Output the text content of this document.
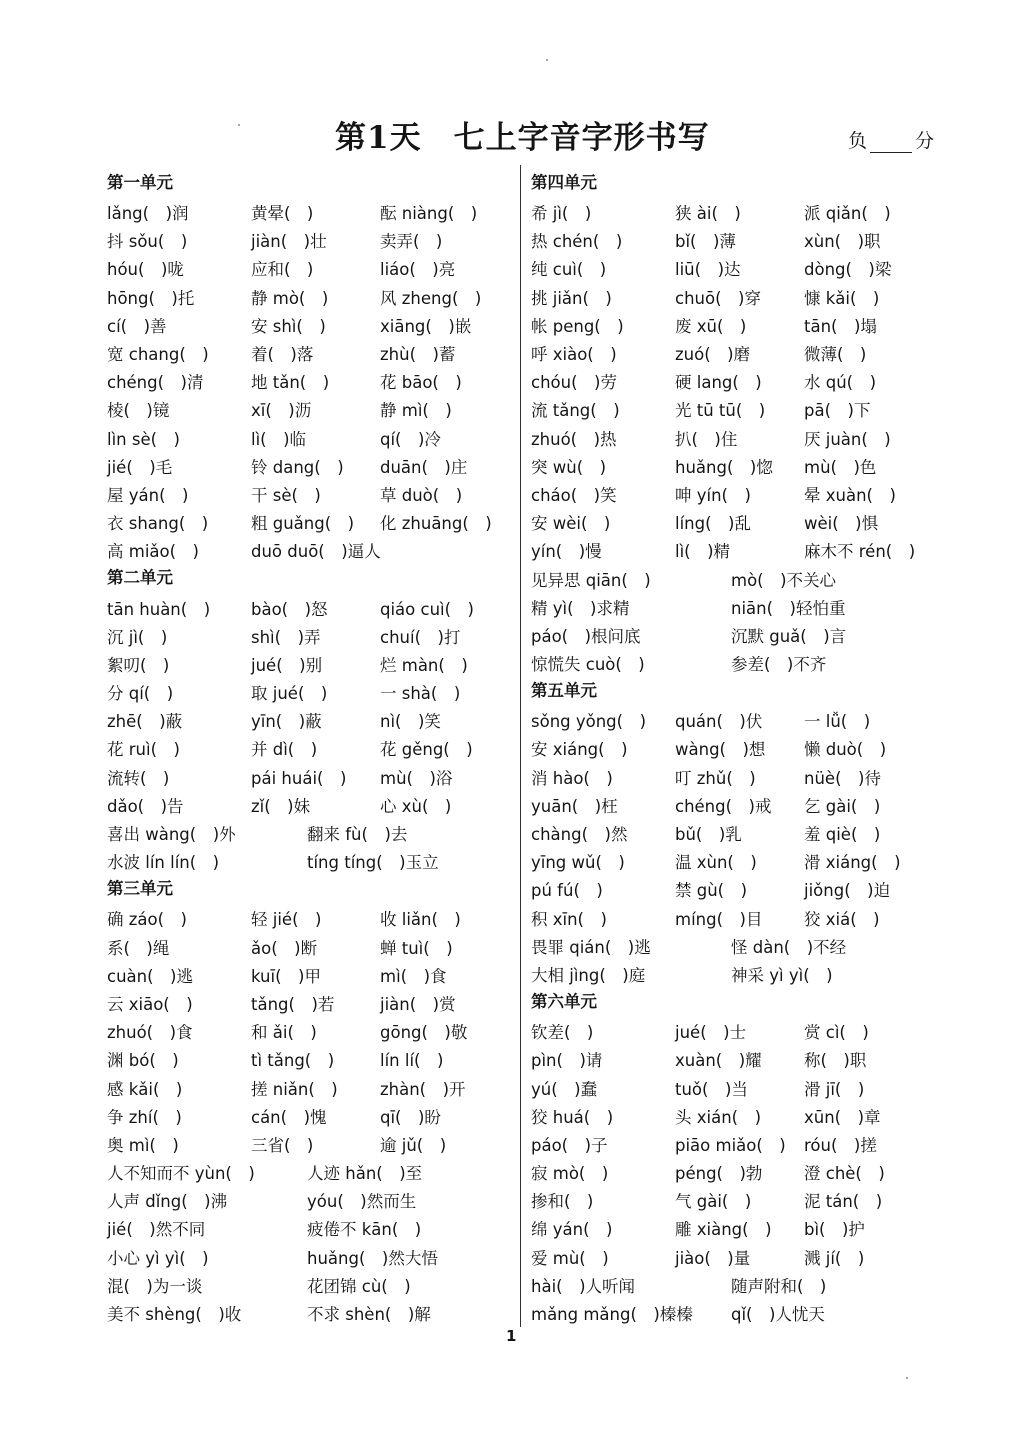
第1天　七上字音字形书写	负	分
第一单元
lǎng(　)润	黄晕(　)	酝 niàng(　)
抖 sǒu(　)	jiàn(　)壮	卖弄(　)
hóu(　)咙	应和(　)	liáo(　)亮
hōng(　)托	静 mò(　)	风 zheng(　)
cí(　)善	安 shì(　)	xiāng(　)嵌
宽 chang(　)	着(　)落	zhù(　)蓄
chéng(　)清	地 tǎn(　)	花 bāo(　)
棱(　)镜	xī(　)沥	静 mì(　)
lìn sè(　)	lì(　)临	qí(　)冷
jié(　)毛	铃 dang(　)	duān(　)庄
屋 yán(　)	干 sè(　)	草 duò(　)
衣 shang(　)	粗 guǎng(　)	化 zhuāng(　)
高 miǎo(　)	duō duō(　)逼人
第二单元
tān huàn(　)	bào(　)怒	qiáo cuì(　)
沉 jì(　)	shì(　)弄	chuí(　)打
絮叨(　)	jué(　)别	烂 màn(　)
分 qí(　)	取 jué(　)	一 shà(　)
zhē(　)蔽	yīn(　)蔽	nì(　)笑
花 ruì(　)	并 dì(　)	花 gěng(　)
流转(　)	pái huái(　)	mù(　)浴
dǎo(　)告	zǐ(　)妹	心 xù(　)
喜出 wàng(　)外	翻来 fù(　)去
水波 lín lín(　)	tíng tíng(　)玉立
第三单元
确 záo(　)	轻 jié(　)	收 liǎn(　)
系(　)绳	ǎo(　)断	蝉 tuì(　)
cuàn(　)逃	kuī(　)甲	mì(　)食
云 xiāo(　)	tǎng(　)若	jiàn(　)赏
zhuó(　)食	和 ǎi(　)	gōng(　)敬
渊 bó(　)	tì tǎng(　)	lín lí(　)
感 kǎi(　)	搓 niǎn(　)	zhàn(　)开
争 zhí(　)	cán(　)愧	qī(　)盼
奥 mì(　)	三省(　)	逾 jǔ(　)
人不知而不 yùn(　)	人迹 hǎn(　)至
人声 dǐng(　)沸	yóu(　)然而生
jié(　)然不同	疲倦不 kān(　)
小心 yì yì(　)	huǎng(　)然大悟
混(　)为一谈	花团锦 cù(　)
美不 shèng(　)收	不求 shèn(　)解
第四单元
希 jì(　)	狭 ài(　)	派 qiǎn(　)
热 chén(　)	bǐ(　)薄	xùn(　)职
纯 cuì(　)	liū(　)达	dòng(　)梁
挑 jiǎn(　)	chuō(　)穿	慷 kǎi(　)
帐 peng(　)	废 xū(　)	tān(　)塌
呼 xiào(　)	zuó(　)磨	微薄(　)
chóu(　)劳	硬 lang(　)	水 qú(　)
流 tǎng(　)	光 tū tū(　)	pā(　)下
zhuó(　)热	扒(　)住	厌 juàn(　)
突 wù(　)	huǎng(　)惚	mù(　)色
cháo(　)笑	呻 yín(　)	晕 xuàn(　)
安 wèi(　)	líng(　)乱	wèi(　)惧
yín(　)慢	lì(　)精	麻木不 rén(　)
见异思 qiān(　)	mò(　)不关心
精 yì(　)求精	niān(　)轻怕重
páo(　)根问底	沉默 guǎ(　)言
惊慌失 cuò(　)	参差(　)不齐
第五单元
sǒng yǒng(　)	quán(　)伏	一 lǚ(　)
安 xiáng(　)	wàng(　)想	懒 duò(　)
消 hào(　)	叮 zhǔ(　)	nüè(　)待
yuān(　)枉	chéng(　)戒	乞 gài(　)
chàng(　)然	bǔ(　)乳	羞 qiè(　)
yīng wǔ(　)	温 xùn(　)	滑 xiáng(　)
pú fú(　)	禁 gù(　)	jiǒng(　)迫
积 xīn(　)	míng(　)目	狡 xiá(　)
畏罪 qián(　)逃	怪 dàn(　)不经
大相 jìng(　)庭	神采 yì yì(　)
第六单元
钦差(　)	jué(　)士	赏 cì(　)
pìn(　)请	xuàn(　)耀	称(　)职
yú(　)蠢	tuǒ(　)当	滑 jī(　)
狡 huá(　)	头 xián(　)	xūn(　)章
páo(　)子	piāo miǎo(　)	róu(　)搓
寂 mò(　)	péng(　)勃	澄 chè(　)
掺和(　)	气 gài(　)	泥 tán(　)
绵 yán(　)	雕 xiàng(　)	bì(　)护
爱 mù(　)	jiào(　)量	溅 jí(　)
hài(　)人听闻	随声附和(　)
mǎng mǎng(　)榛榛	qǐ(　)人忧天
1
